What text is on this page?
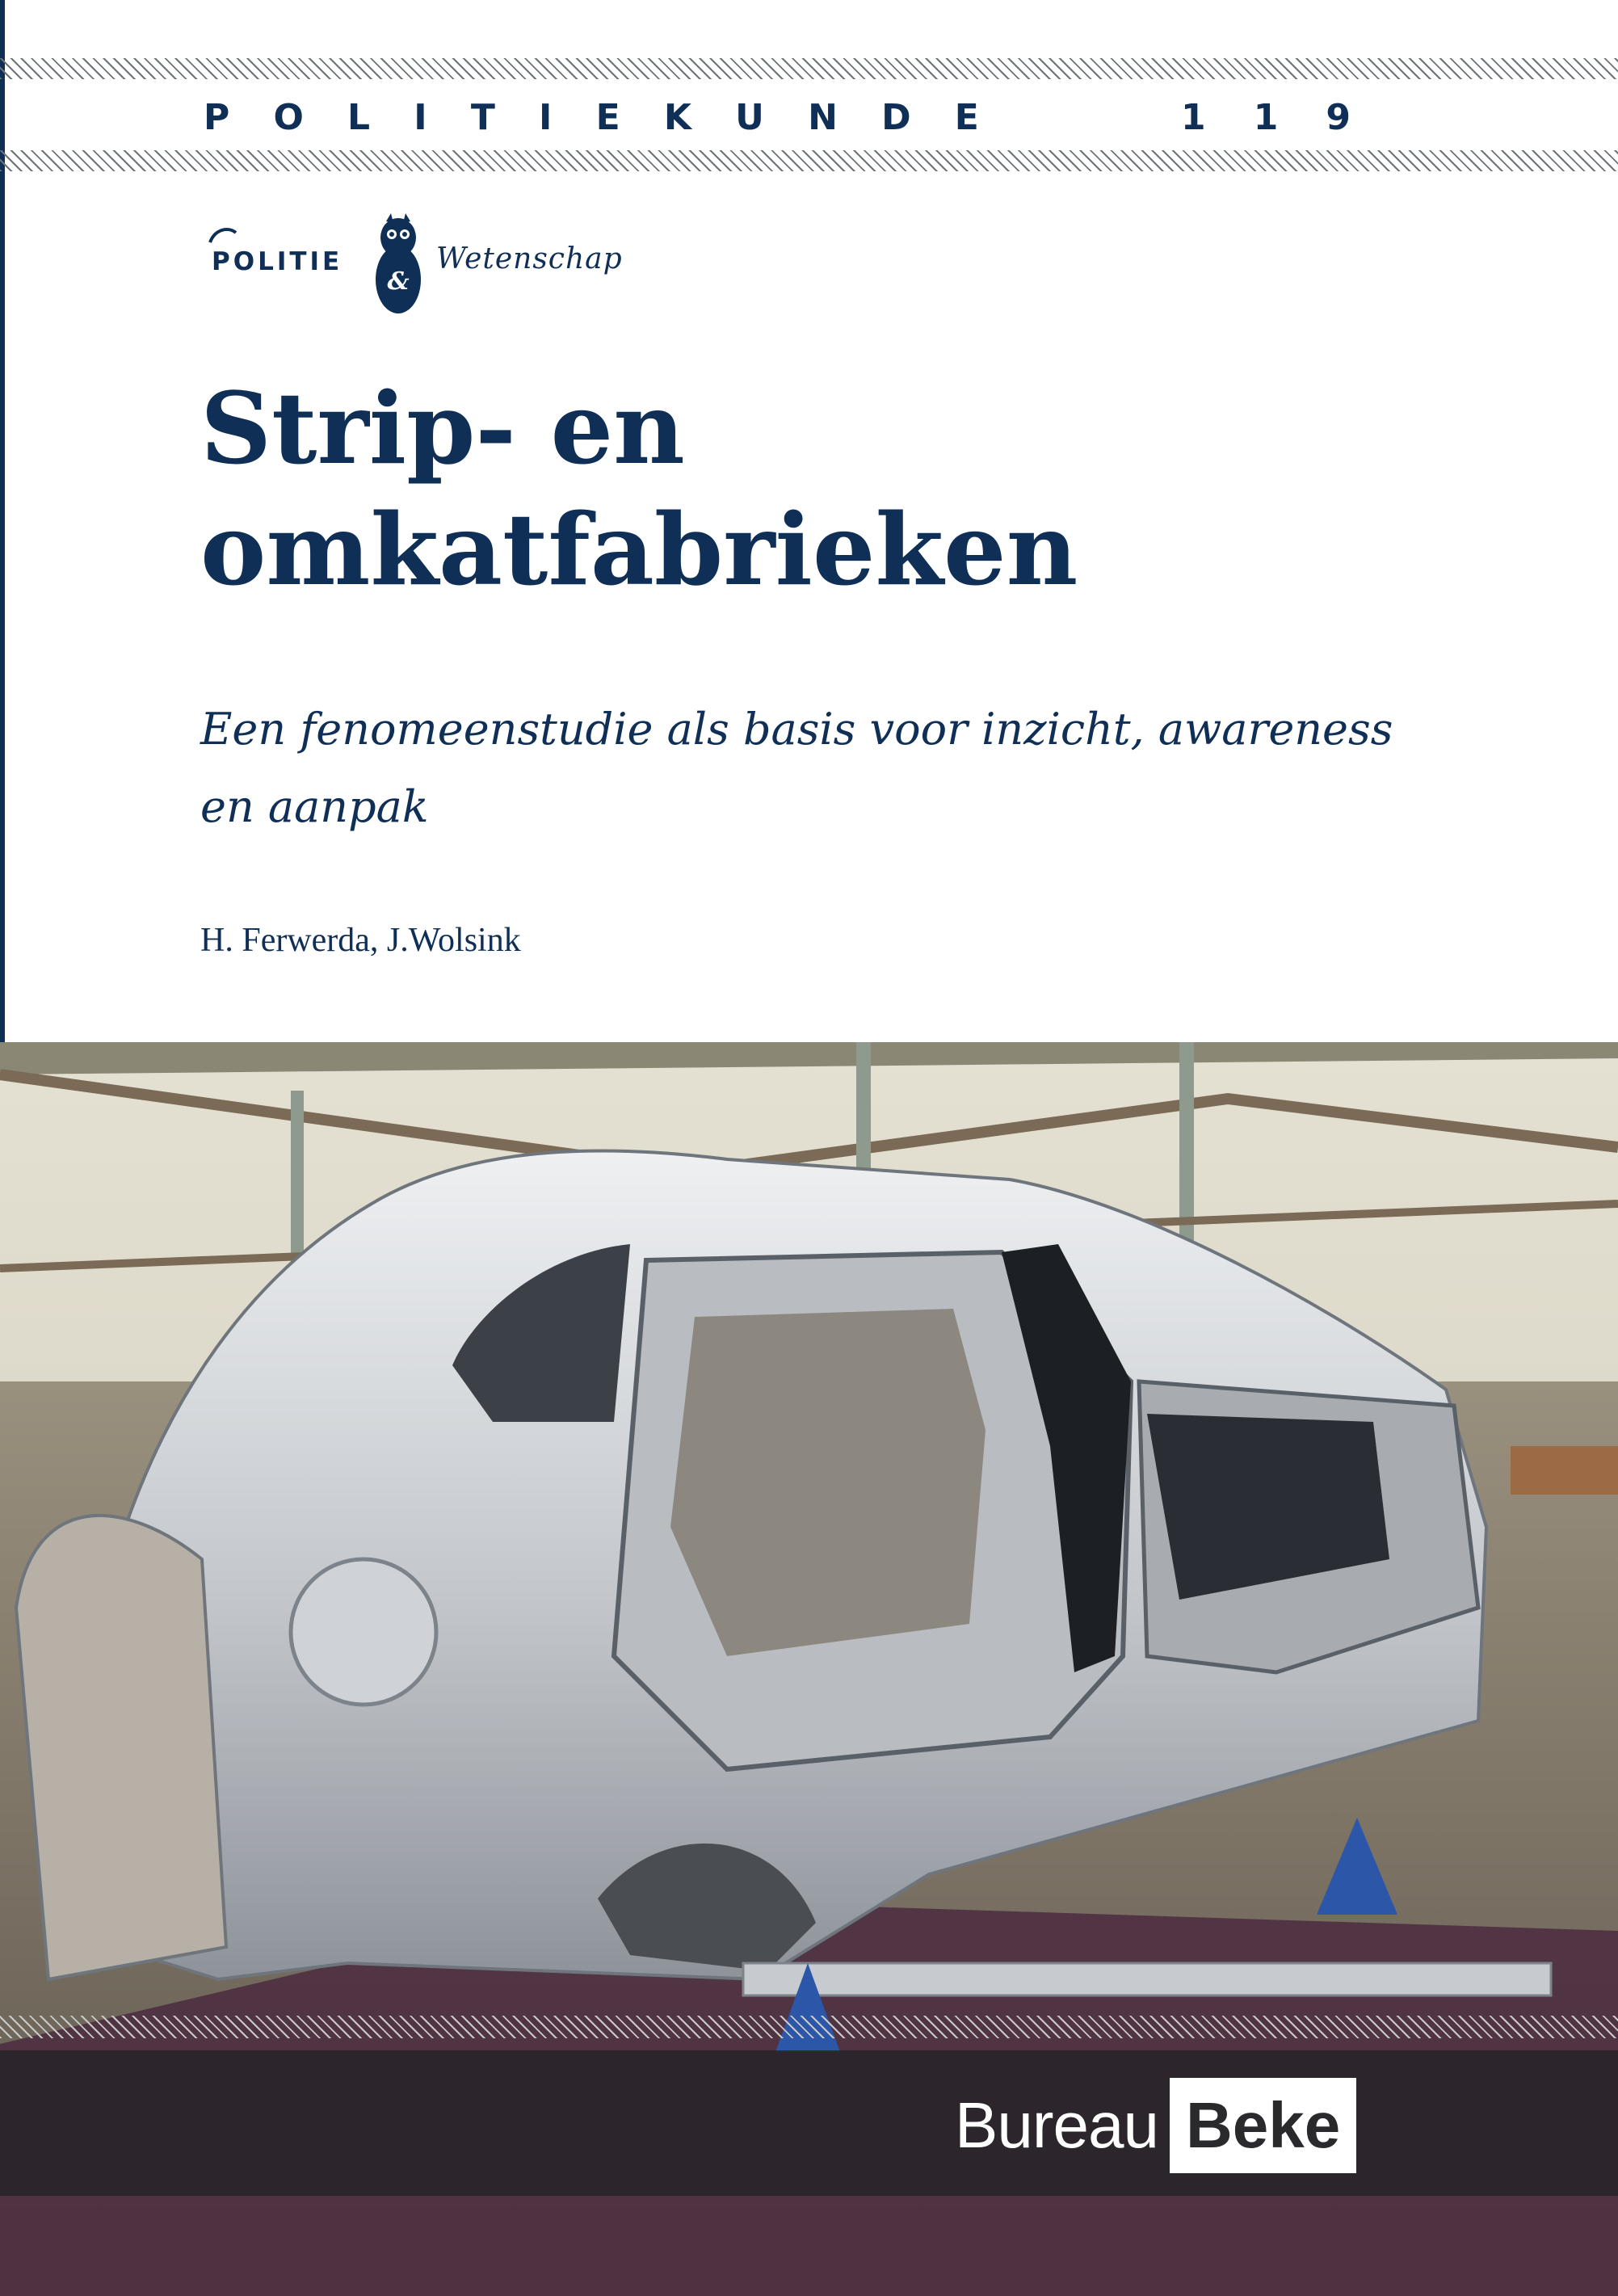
P O L I T I E K U N D E	1 1 9
POLITIE
&
Wetenschap
Strip- en
omkatfabrieken

Een fenomeenstudie als basis voor inzicht, awareness
en aanpak

H. Ferwerda, J.Wolsink

Bureau Beke
